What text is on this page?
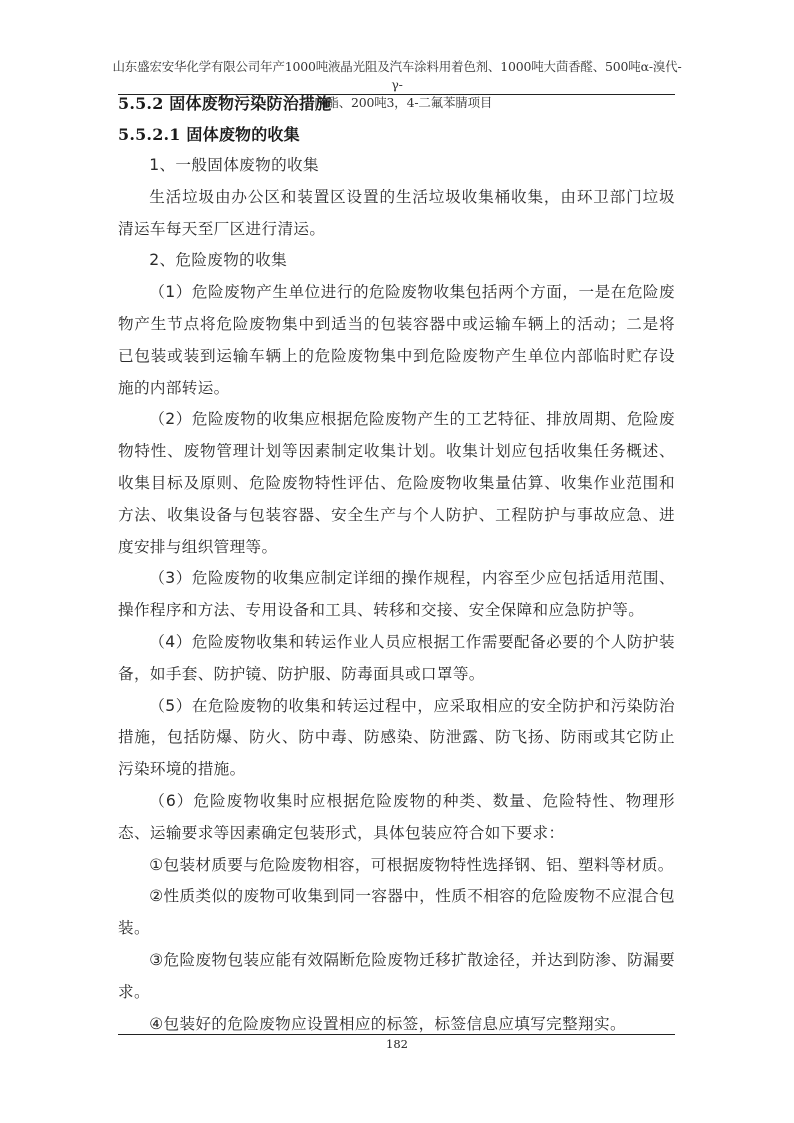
山东盛宏安华化学有限公司年产1000吨液晶光阻及汽车涂料用着色剂、1000吨大茴香醛、500吨α-溴代-γ-
丁内酯、200吨3，4-二氟苯腈项目
5.5.2 固体废物污染防治措施
5.5.2.1 固体废物的收集

1、一般固体废物的收集

生活垃圾由办公区和装置区设置的生活垃圾收集桶收集，由环卫部门垃圾清运车每天至厂区进行清运。

2、危险废物的收集

（1）危险废物产生单位进行的危险废物收集包括两个方面，一是在危险废物产生节点将危险废物集中到适当的包装容器中或运输车辆上的活动；二是将已包装或装到运输车辆上的危险废物集中到危险废物产生单位内部临时贮存设施的内部转运。

（2）危险废物的收集应根据危险废物产生的工艺特征、排放周期、危险废物特性、废物管理计划等因素制定收集计划。收集计划应包括收集任务概述、收集目标及原则、危险废物特性评估、危险废物收集量估算、收集作业范围和方法、收集设备与包装容器、安全生产与个人防护、工程防护与事故应急、进度安排与组织管理等。

（3）危险废物的收集应制定详细的操作规程，内容至少应包括适用范围、操作程序和方法、专用设备和工具、转移和交接、安全保障和应急防护等。

（4）危险废物收集和转运作业人员应根据工作需要配备必要的个人防护装备，如手套、防护镜、防护服、防毒面具或口罩等。

（5）在危险废物的收集和转运过程中，应采取相应的安全防护和污染防治措施，包括防爆、防火、防中毒、防感染、防泄露、防飞扬、防雨或其它防止污染环境的措施。

（6）危险废物收集时应根据危险废物的种类、数量、危险特性、物理形态、运输要求等因素确定包装形式，具体包装应符合如下要求：

①包装材质要与危险废物相容，可根据废物特性选择钢、铝、塑料等材质。

②性质类似的废物可收集到同一容器中，性质不相容的危险废物不应混合包装。

③危险废物包装应能有效隔断危险废物迁移扩散途径，并达到防渗、防漏要求。

④包装好的危险废物应设置相应的标签，标签信息应填写完整翔实。

182
